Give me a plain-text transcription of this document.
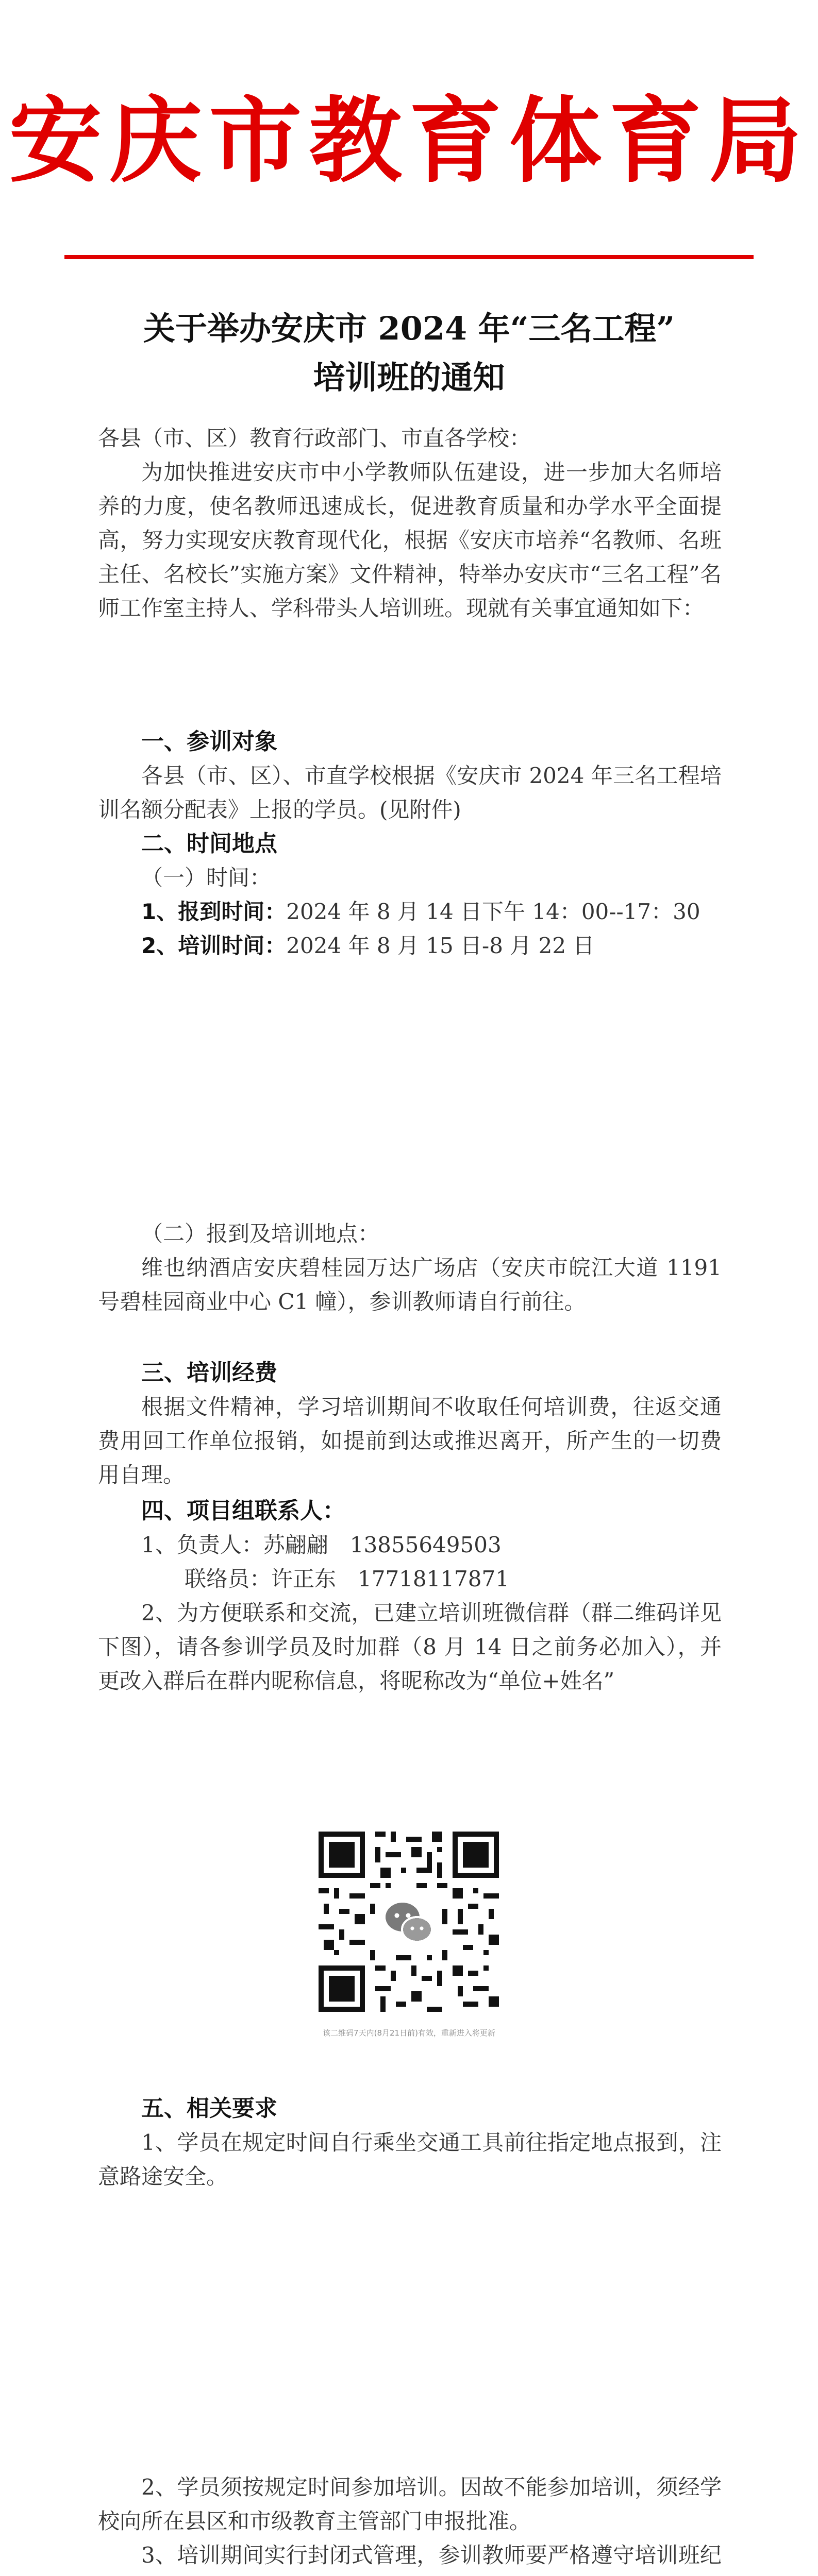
安庆市教育体育局
关于举办安庆市 2024 年“三名工程”
培训班的通知
各县（市、区）教育行政部门、市直各学校：
为加快推进安庆市中小学教师队伍建设，进一步加大名师培养的力度，使名教师迅速成长，促进教育质量和办学水平全面提高，努力实现安庆教育现代化，根据《安庆市培养“名教师、名班主任、名校长”实施方案》文件精神，特举办安庆市“三名工程”名师工作室主持人、学科带头人培训班。现就有关事宜通知如下：
一、参训对象
各县（市、区）、市直学校根据《安庆市 2024 年三名工程培训名额分配表》上报的学员。(见附件)
二、时间地点
（一）时间：
1、报到时间：2024 年 8 月 14 日下午 14：00--17：30
2、培训时间：2024 年 8 月 15 日-8 月 22 日
（二）报到及培训地点：
维也纳酒店安庆碧桂园万达广场店（安庆市皖江大道 1191 号碧桂园商业中心 C1 幢），参训教师请自行前往。
三、培训经费
根据文件精神，学习培训期间不收取任何培训费，往返交通费用回工作单位报销，如提前到达或推迟离开，所产生的一切费用自理。
四、项目组联系人：
1、负责人：苏翩翩　13855649503
联络员：许正东　17718117871
2、为方便联系和交流，已建立培训班微信群（群二维码详见下图），请各参训学员及时加群（8 月 14 日之前务必加入），并更改入群后在群内昵称信息，将昵称改为“单位+姓名”
该二维码7天内(8月21日前)有效，重新进入将更新
五、相关要求
1、学员在规定时间自行乘坐交通工具前往指定地点报到，注意路途安全。
2、学员须按规定时间参加培训。因故不能参加培训，须经学校向所在县区和市级教育主管部门申报批准。
3、培训期间实行封闭式管理，参训教师要严格遵守培训班纪
